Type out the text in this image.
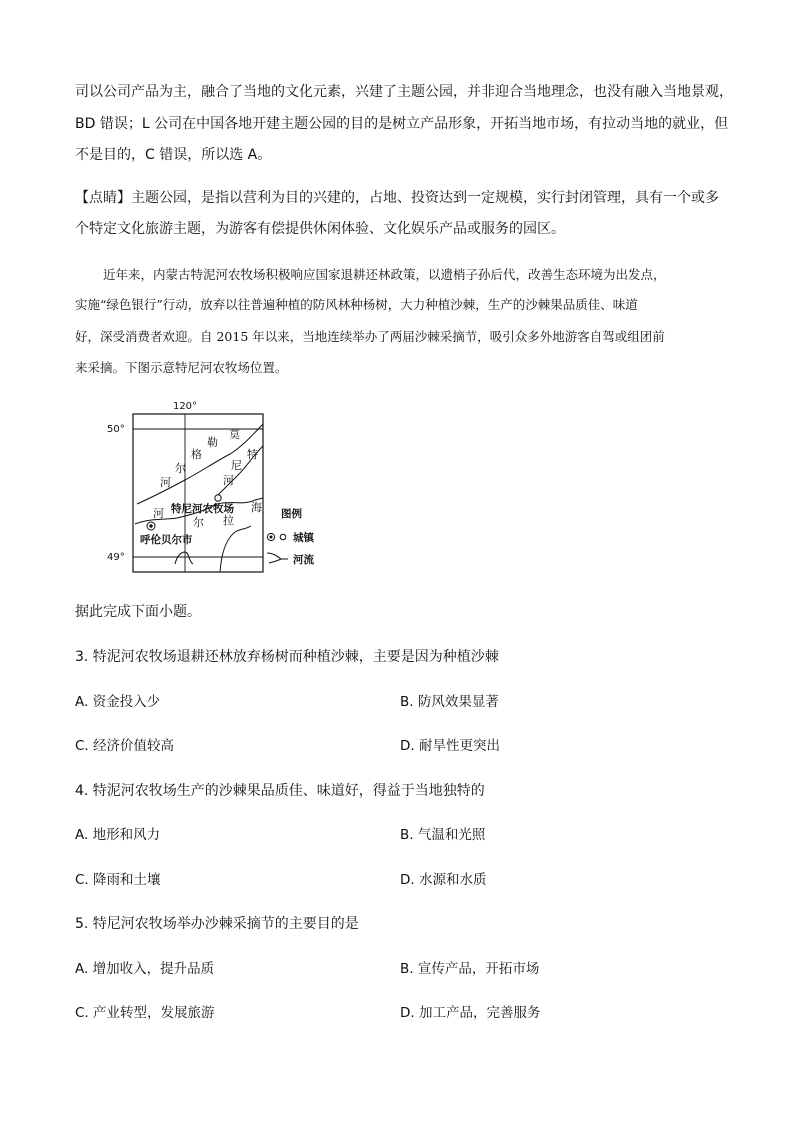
司以公司产品为主，融合了当地的文化元素，兴建了主题公园，并非迎合当地理念，也没有融入当地景观，
BD 错误；L 公司在中国各地开建主题公园的目的是树立产品形象，开拓当地市场，有拉动当地的就业，但
不是目的，C 错误，所以选 A。
【点睛】主题公园，是指以营利为目的兴建的，占地、投资达到一定规模，实行封闭管理，具有一个或多
个特定文化旅游主题，为游客有偿提供休闲体验、文化娱乐产品或服务的园区。
近年来，内蒙古特泥河农牧场积极响应国家退耕还林政策，以遗梢子孙后代，改善生态环境为出发点，
实施“绿色银行”行动，放弃以往普遍种植的防风林种杨树，大力种植沙棘，生产的沙棘果品质佳、味道
好，深受消费者欢迎。自 2015 年以来，当地连续举办了两届沙棘采摘节，吸引众多外地游客自驾或组团前
来采摘。下图示意特尼河农牧场位置。
120°
50°
49°
河
尔
格
勒
莫
特
尼
河
河
尔 拉
海
特尼河农牧场
呼伦贝尔市
图例
城镇
河流
据此完成下面小题。
3. 特泥河农牧场退耕还林放弃杨树而种植沙棘，主要是因为种植沙棘
A. 资金投入少	B. 防风效果显著
C. 经济价值较高	D. 耐旱性更突出
4. 特泥河农牧场生产的沙棘果品质佳、味道好，得益于当地独特的
A. 地形和风力	B. 气温和光照
C. 降雨和土壤	D. 水源和水质
5. 特尼河农牧场举办沙棘采摘节的主要目的是
A. 增加收入，提升品质	B. 宣传产品，开拓市场
C. 产业转型，发展旅游	D. 加工产品，完善服务
